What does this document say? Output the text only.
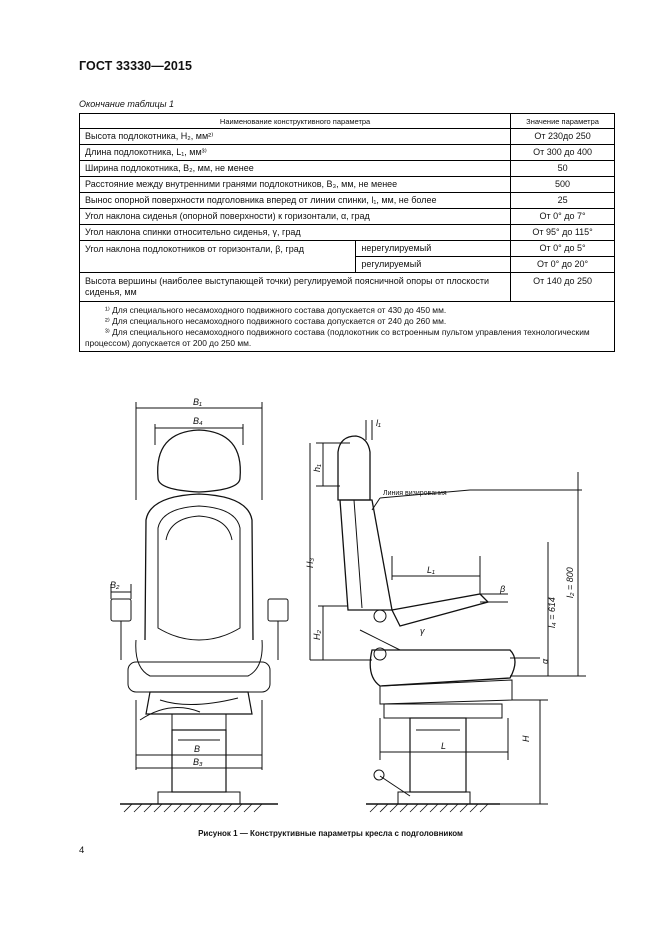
ГОСТ 33330—2015
Окончание таблицы 1
Наименование конструктивного параметра		Значение параметра
Высота подлокотника, H₂, мм²⁾		От 230до 250
Длина подлокотника, L₁, мм³⁾		От 300 до 400
Ширина подлокотника, B₂, мм, не менее		50
Расстояние между внутренними гранями подлокотников, B₃, мм, не менее		500
Вынос опорной поверхности подголовника вперед от линии спинки, l₁, мм, не более		25
Угол наклона сиденья (опорной поверхности) к горизонтали, α, град		От 0° до 7°
Угол наклона спинки относительно сиденья, γ, град		От 95° до 115°
Угол наклона подлокотников от горизонтали, β, град	нерегулируемый	От 0° до 5°
	регулируемый	От 0° до 20°
Высота вершины (наиболее выступающей точки) регулируемой поясничной опоры от плоскости сиденья, мм		От 140 до 250

¹⁾ Для специального несамоходного подвижного состава допускается от 430 до 450 мм.
²⁾ Для специального несамоходного подвижного состава допускается от 240 до 260 мм.
³⁾ Для специального несамоходного подвижного состава (подлокотник со встроенным пультом управления технологическим процессом) допускается от 200 до 250 мм.		
B₁
B₄
B₂
B
B₃
h₁
H₃
H₂
H
L
L₁
l₁
β
γ
α
l₄ = 614
l₂ = 800
Линия визирования
Рисунок 1 — Конструктивные параметры кресла с подголовником
4
